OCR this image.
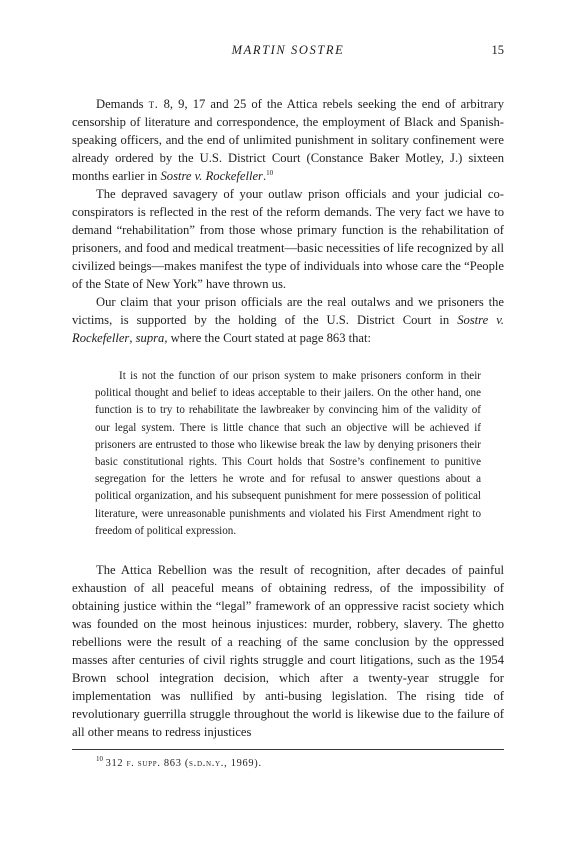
MARTIN SOSTRE	15

Demands t. 8, 9, 17 and 25 of the Attica rebels seeking the end of arbitrary censorship of literature and correspondence, the employment of Black and Spanish-speaking officers, and the end of unlimited punishment in solitary confinement were already ordered by the U.S. District Court (Constance Baker Motley, J.) sixteen months earlier in Sostre v. Rockefeller.$^{10}$

The depraved savagery of your outlaw prison officials and your judicial co-conspirators is reflected in the rest of the reform demands. The very fact we have to demand “rehabilitation” from those whose primary function is the rehabilitation of prisoners, and food and medical treatment—basic necessities of life recognized by all civilized beings—makes manifest the type of individuals into whose care the “People of the State of New York” have thrown us.

Our claim that your prison officials are the real outalws and we prisoners the victims, is supported by the holding of the U.S. District Court in Sostre v. Rockefeller, supra, where the Court stated at page 863 that:

It is not the function of our prison system to make prisoners conform in their political thought and belief to ideas acceptable to their jailers. On the other hand, one function is to try to rehabilitate the lawbreaker by convincing him of the validity of our legal system. There is little chance that such an objective will be achieved if prisoners are entrusted to those who likewise break the law by denying prisoners their basic constitutional rights. This Court holds that Sostre’s confinement to punitive segregation for the letters he wrote and for refusal to answer questions about a political organization, and his subsequent punishment for mere possession of political literature, were unreasonable punishments and violated his First Amendment right to freedom of political expression.

The Attica Rebellion was the result of recognition, after decades of painful exhaustion of all peaceful means of obtaining redress, of the impossibility of obtaining justice within the “legal” framework of an oppressive racist society which was founded on the most heinous injustices: murder, robbery, slavery. The ghetto rebellions were the result of a reaching of the same conclusion by the oppressed masses after centuries of civil rights struggle and court litigations, such as the 1954 Brown school integration decision, which after a twenty-year struggle for implementation was nullified by anti-busing legislation. The rising tide of revolutionary guerrilla struggle throughout the world is likewise due to the failure of all other means to redress injustices

$^{10}$ 312 f. supp. 863 (s.d.n.y., 1969).
